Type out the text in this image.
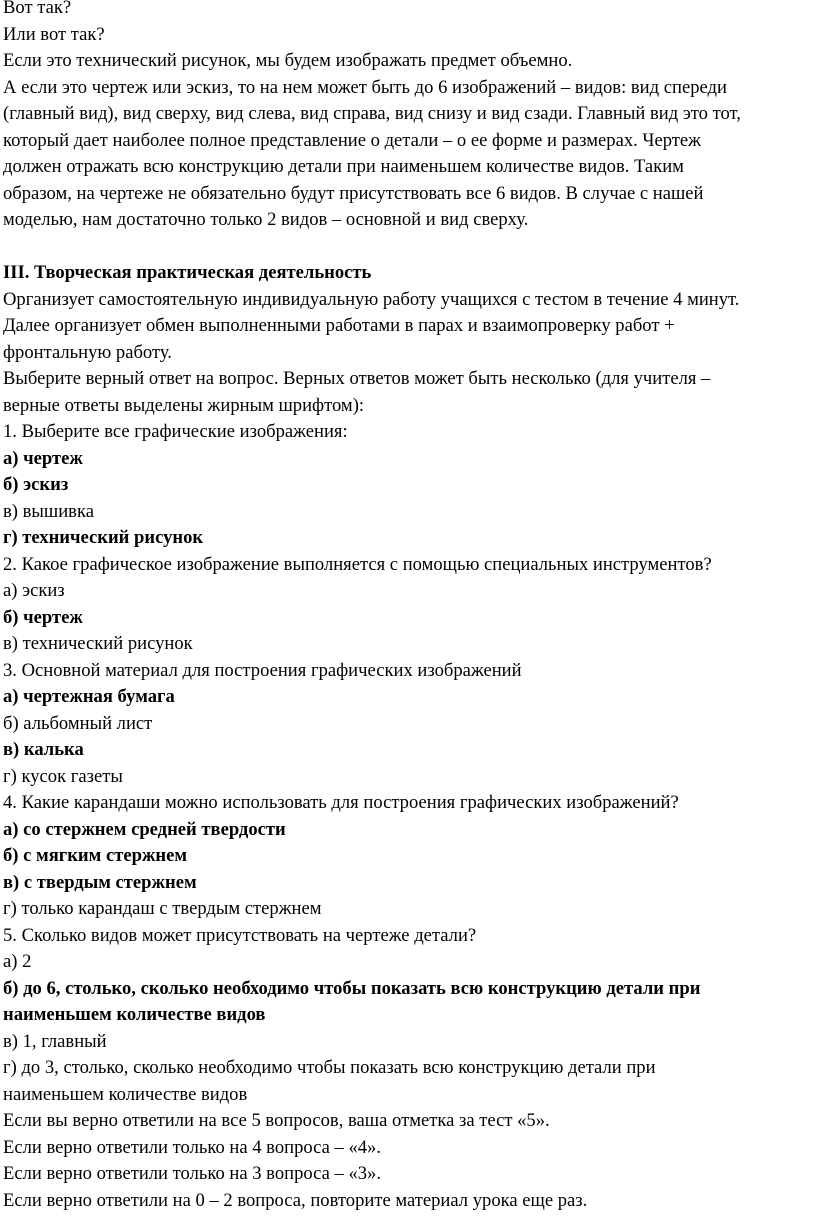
Вот так?
Или вот так?
Если это технический рисунок, мы будем изображать предмет объемно.
А если это чертеж или эскиз, то на нем может быть до 6 изображений – видов: вид спереди
(главный вид), вид сверху, вид слева, вид справа, вид снизу и вид сзади. Главный вид это тот,
который дает наиболее полное представление о детали – о ее форме и размерах. Чертеж
должен отражать всю конструкцию детали при наименьшем количестве видов. Таким
образом, на чертеже не обязательно будут присутствовать все 6 видов. В случае с нашей
моделью, нам достаточно только 2 видов – основной и вид сверху.
III. Творческая практическая деятельность
Организует самостоятельную индивидуальную работу учащихся с тестом в течение 4 минут.
Далее организует обмен выполненными работами в парах и взаимопроверку работ +
фронтальную работу.
Выберите верный ответ на вопрос. Верных ответов может быть несколько (для учителя –
верные ответы выделены жирным шрифтом):
1. Выберите все графические изображения:
а) чертеж
б) эскиз
в) вышивка
г) технический рисунок
2. Какое графическое изображение выполняется с помощью специальных инструментов?
а) эскиз
б) чертеж
в) технический рисунок
3. Основной материал для построения графических изображений
а) чертежная бумага
б) альбомный лист
в) калька
г) кусок газеты
4. Какие карандаши можно использовать для построения графических изображений?
а) со стержнем средней твердости
б) с мягким стержнем
в) с твердым стержнем
г) только карандаш с твердым стержнем
5. Сколько видов может присутствовать на чертеже детали?
а) 2
б) до 6, столько, сколько необходимо чтобы показать всю конструкцию детали при
наименьшем количестве видов
в) 1, главный
г) до 3, столько, сколько необходимо чтобы показать всю конструкцию детали при
наименьшем количестве видов
Если вы верно ответили на все 5 вопросов, ваша отметка за тест «5».
Если верно ответили только на 4 вопроса – «4».
Если верно ответили только на 3 вопроса – «3».
Если верно ответили на 0 – 2 вопроса, повторите материал урока еще раз.
